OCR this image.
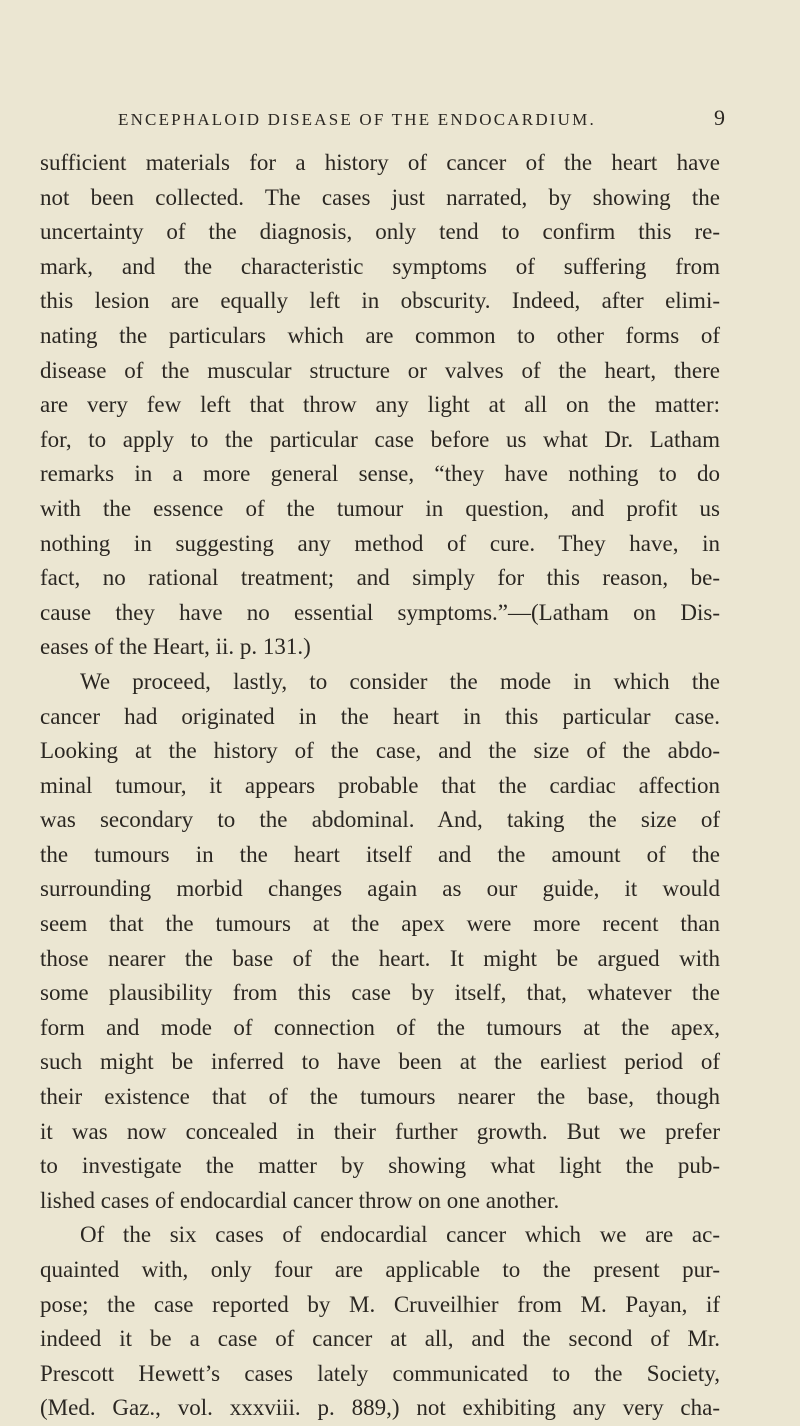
ENCEPHALOID DISEASE OF THE ENDOCARDIUM.	9
sufficient materials for a history of cancer of the heart have
not been collected. The cases just narrated, by showing the
uncertainty of the diagnosis, only tend to confirm this re-
mark, and the characteristic symptoms of suffering from
this lesion are equally left in obscurity. Indeed, after elimi-
nating the particulars which are common to other forms of
disease of the muscular structure or valves of the heart, there
are very few left that throw any light at all on the matter:
for, to apply to the particular case before us what Dr. Latham
remarks in a more general sense, “they have nothing to do
with the essence of the tumour in question, and profit us
nothing in suggesting any method of cure. They have, in
fact, no rational treatment; and simply for this reason, be-
cause they have no essential symptoms.”—(Latham on Dis-
eases of the Heart, ii. p. 131.)
We proceed, lastly, to consider the mode in which the
cancer had originated in the heart in this particular case.
Looking at the history of the case, and the size of the abdo-
minal tumour, it appears probable that the cardiac affection
was secondary to the abdominal. And, taking the size of
the tumours in the heart itself and the amount of the
surrounding morbid changes again as our guide, it would
seem that the tumours at the apex were more recent than
those nearer the base of the heart. It might be argued with
some plausibility from this case by itself, that, whatever the
form and mode of connection of the tumours at the apex,
such might be inferred to have been at the earliest period of
their existence that of the tumours nearer the base, though
it was now concealed in their further growth. But we prefer
to investigate the matter by showing what light the pub-
lished cases of endocardial cancer throw on one another.
Of the six cases of endocardial cancer which we are ac-
quainted with, only four are applicable to the present pur-
pose; the case reported by M. Cruveilhier from M. Payan, if
indeed it be a case of cancer at all, and the second of Mr.
Prescott Hewett’s cases lately communicated to the Society,
(Med. Gaz., vol. xxxviii. p. 889,) not exhibiting any very cha-
